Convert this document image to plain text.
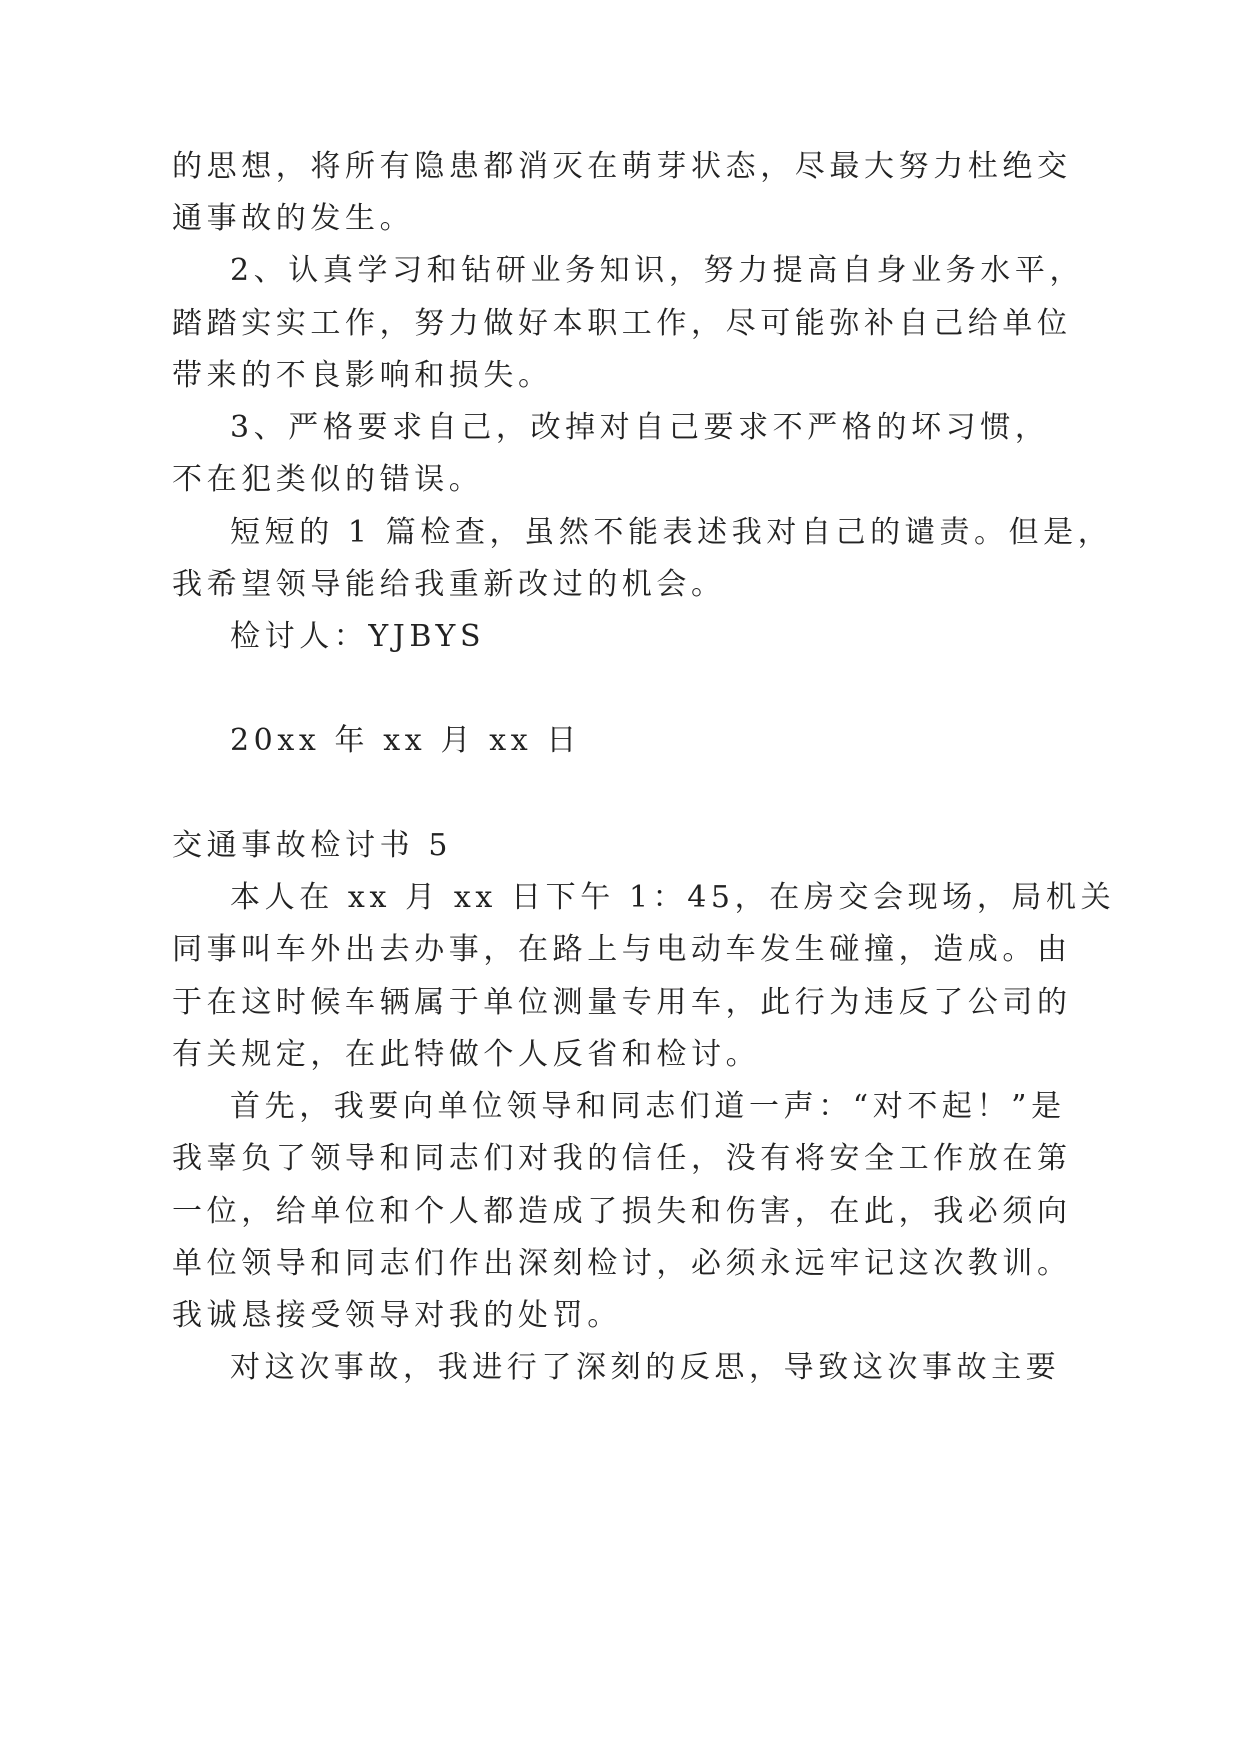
的思想，将所有隐患都消灭在萌芽状态，尽最大努力杜绝交

通事故的发生。

2、认真学习和钻研业务知识，努力提高自身业务水平，

踏踏实实工作，努力做好本职工作，尽可能弥补自己给单位

带来的不良影响和损失。

3、严格要求自己，改掉对自己要求不严格的坏习惯，

不在犯类似的错误。

短短的 1 篇检查，虽然不能表述我对自己的谴责。但是，

我希望领导能给我重新改过的机会。

检讨人：YJBYS

20xx 年 xx 月 xx 日

交通事故检讨书 5

本人在 xx 月 xx 日下午 1：45，在房交会现场，局机关

同事叫车外出去办事，在路上与电动车发生碰撞，造成。由

于在这时候车辆属于单位测量专用车，此行为违反了公司的

有关规定，在此特做个人反省和检讨。

首先，我要向单位领导和同志们道一声：“对不起！”是

我辜负了领导和同志们对我的信任，没有将安全工作放在第

一位，给单位和个人都造成了损失和伤害，在此，我必须向

单位领导和同志们作出深刻检讨，必须永远牢记这次教训。

我诚恳接受领导对我的处罚。

对这次事故，我进行了深刻的反思，导致这次事故主要
